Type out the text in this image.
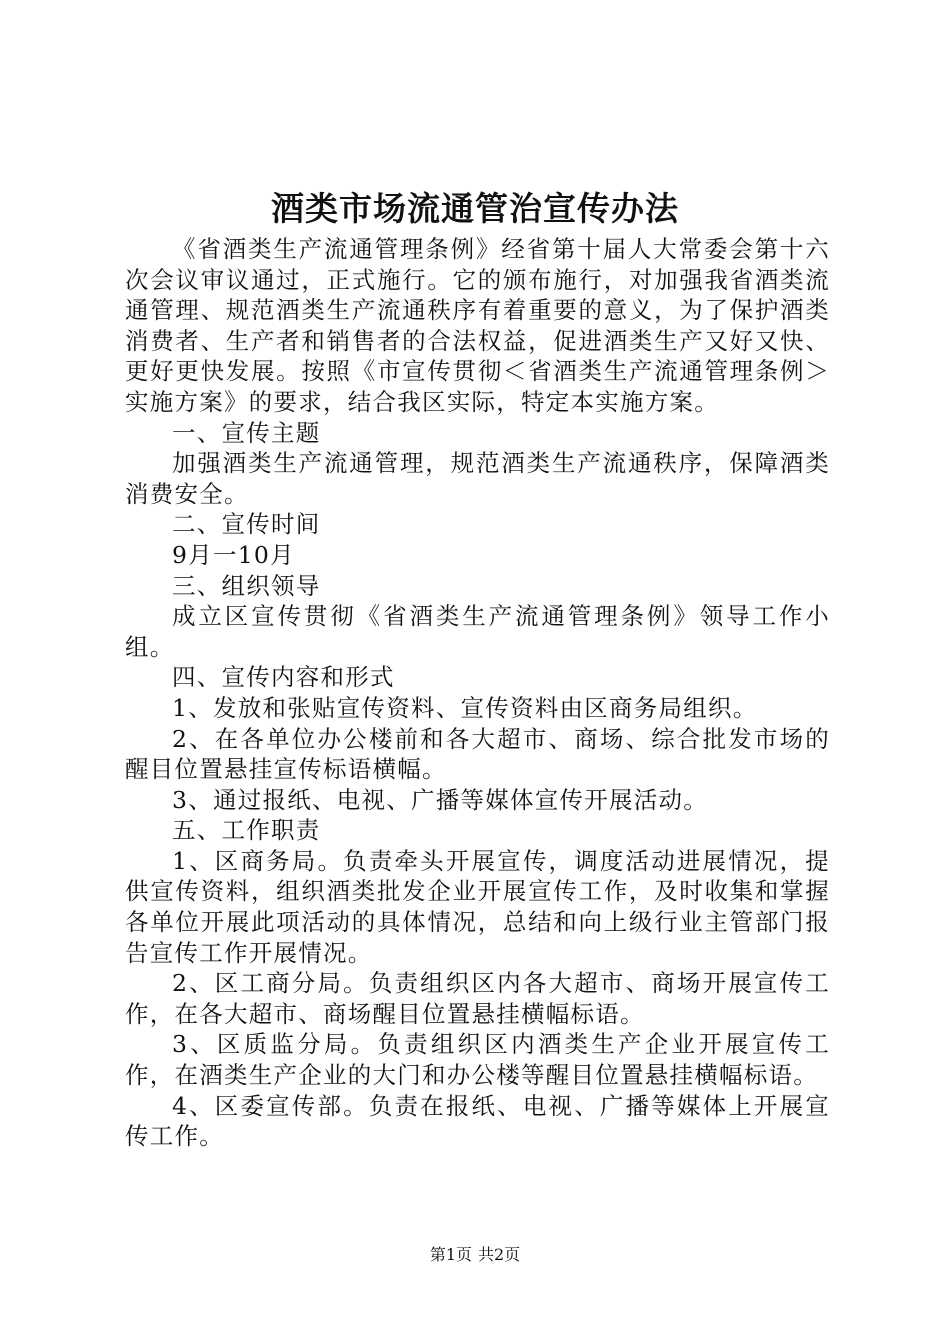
酒类市场流通管治宣传办法

《省酒类生产流通管理条例》经省第十届人大常委会第十六次会议审议通过，正式施行。它的颁布施行，对加强我省酒类流通管理、规范酒类生产流通秩序有着重要的意义，为了保护酒类消费者、生产者和销售者的合法权益，促进酒类生产又好又快、更好更快发展。按照《市宣传贯彻＜省酒类生产流通管理条例＞实施方案》的要求，结合我区实际，特定本实施方案。

一、宣传主题

加强酒类生产流通管理，规范酒类生产流通秩序，保障酒类消费安全。

二、宣传时间

9月一10月

三、组织领导

成立区宣传贯彻《省酒类生产流通管理条例》领导工作小组。

四、宣传内容和形式

1、发放和张贴宣传资料、宣传资料由区商务局组织。

2、在各单位办公楼前和各大超市、商场、综合批发市场的醒目位置悬挂宣传标语横幅。

3、通过报纸、电视、广播等媒体宣传开展活动。

五、工作职责

1、区商务局。负责牵头开展宣传，调度活动进展情况，提供宣传资料，组织酒类批发企业开展宣传工作，及时收集和掌握各单位开展此项活动的具体情况，总结和向上级行业主管部门报告宣传工作开展情况。

2、区工商分局。负责组织区内各大超市、商场开展宣传工作，在各大超市、商场醒目位置悬挂横幅标语。

3、区质监分局。负责组织区内酒类生产企业开展宣传工作，在酒类生产企业的大门和办公楼等醒目位置悬挂横幅标语。

4、区委宣传部。负责在报纸、电视、广播等媒体上开展宣传工作。

第1页 共2页
